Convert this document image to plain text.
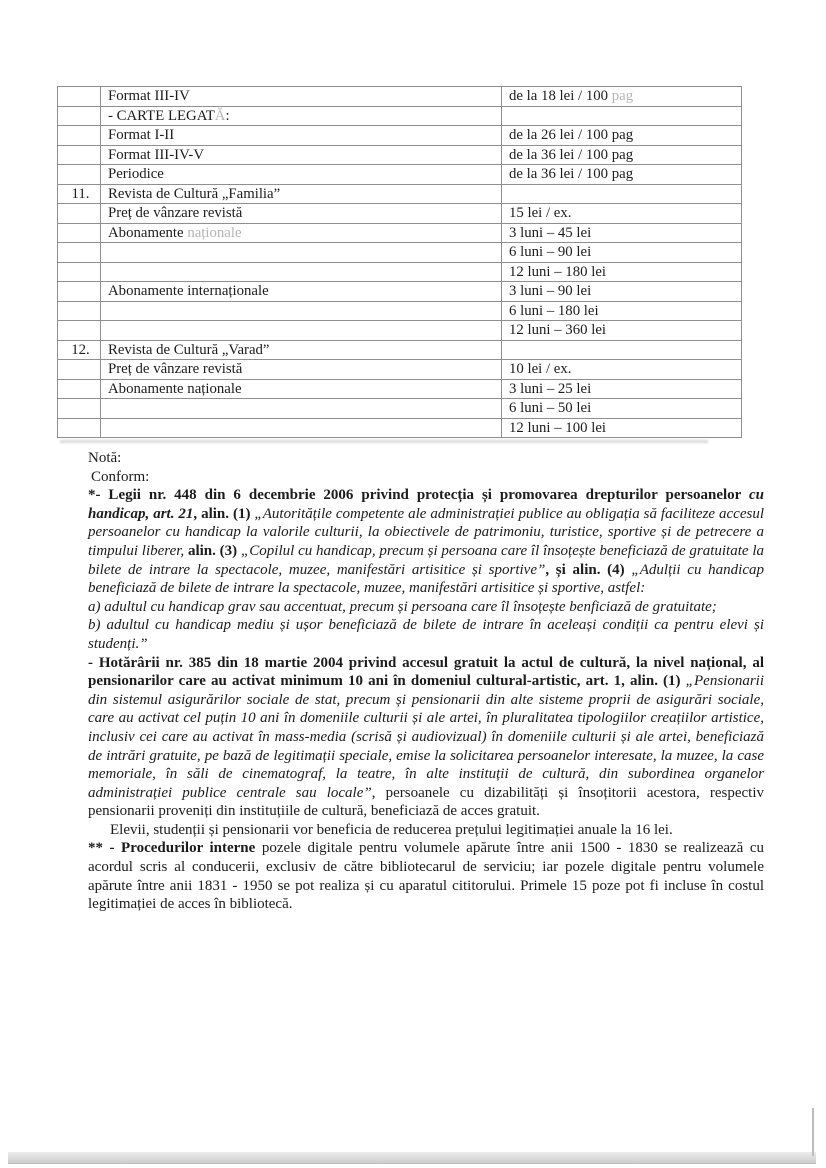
	Format III-IV	de la 18 lei / 100 pag
	- CARTE LEGATĂ:	
	Format I-II	de la 26 lei / 100 pag
	Format III-IV-V	de la 36 lei / 100 pag
	Periodice	de la 36 lei / 100 pag
11.	Revista de Cultură „Familia”	
	Preț de vânzare revistă	15 lei / ex.
	Abonamente naționale	3 luni – 45 lei
		6 luni – 90 lei
		12 luni – 180 lei
	Abonamente internaționale	3 luni – 90 lei
		6 luni – 180 lei
		12 luni – 360 lei
12.	Revista de Cultură „Varad”	
	Preț de vânzare revistă	10 lei / ex.
	Abonamente naționale	3 luni – 25 lei
		6 luni – 50 lei
		12 luni – 100 lei

Notă:

Conform:

*- Legii nr. 448 din 6 decembrie 2006 privind protecția și promovarea drepturilor persoanelor cu handicap, art. 21, alin. (1) „Autoritățile competente ale administrației publice au obligația să faciliteze accesul persoanelor cu handicap la valorile culturii, la obiectivele de patrimoniu, turistice, sportive și de petrecere a timpului liberer, alin. (3) „Copilul cu handicap, precum și persoana care îl însoțește beneficiază de gratuitate la bilete de intrare la spectacole, muzee, manifestări artisitice și sportive”, și alin. (4) „Adulții cu handicap beneficiază de bilete de intrare la spectacole, muzee, manifestări artisitice și sportive, astfel:

a) adultul cu handicap grav sau accentuat, precum și persoana care îl însoțește benficiază de gratuitate;

b) adultul cu handicap mediu și ușor beneficiază de bilete de intrare în aceleași condiții ca pentru elevi și studenți.”

- Hotărârii nr. 385 din 18 martie 2004 privind accesul gratuit la actul de cultură, la nivel național, al pensionarilor care au activat minimum 10 ani în domeniul cultural-artistic, art. 1, alin. (1) „Pensionarii din sistemul asigurărilor sociale de stat, precum și pensionarii din alte sisteme proprii de asigurări sociale, care au activat cel puțin 10 ani în domeniile culturii și ale artei, în pluralitatea tipologiilor creațiilor artistice, inclusiv cei care au activat în mass-media (scrisă și audiovizual) în domeniile culturii și ale artei, beneficiază de intrări gratuite, pe bază de legitimații speciale, emise la solicitarea persoanelor interesate, la muzee, la case memoriale, în săli de cinematograf, la teatre, în alte instituții de cultură, din subordinea organelor administrației publice centrale sau locale”, persoanele cu dizabilități și însoțitorii acestora, respectiv pensionarii proveniți din instituțiile de cultură, beneficiază de acces gratuit.

Elevii, studenții și pensionarii vor beneficia de reducerea prețului legitimației anuale la 16 lei.

** - Procedurilor interne pozele digitale pentru volumele apărute între anii 1500 - 1830 se realizează cu acordul scris al conducerii, exclusiv de către bibliotecarul de serviciu; iar pozele digitale pentru volumele apărute între anii 1831 - 1950 se pot realiza și cu aparatul cititorului. Primele 15 poze pot fi incluse în costul legitimației de acces în bibliotecă.
